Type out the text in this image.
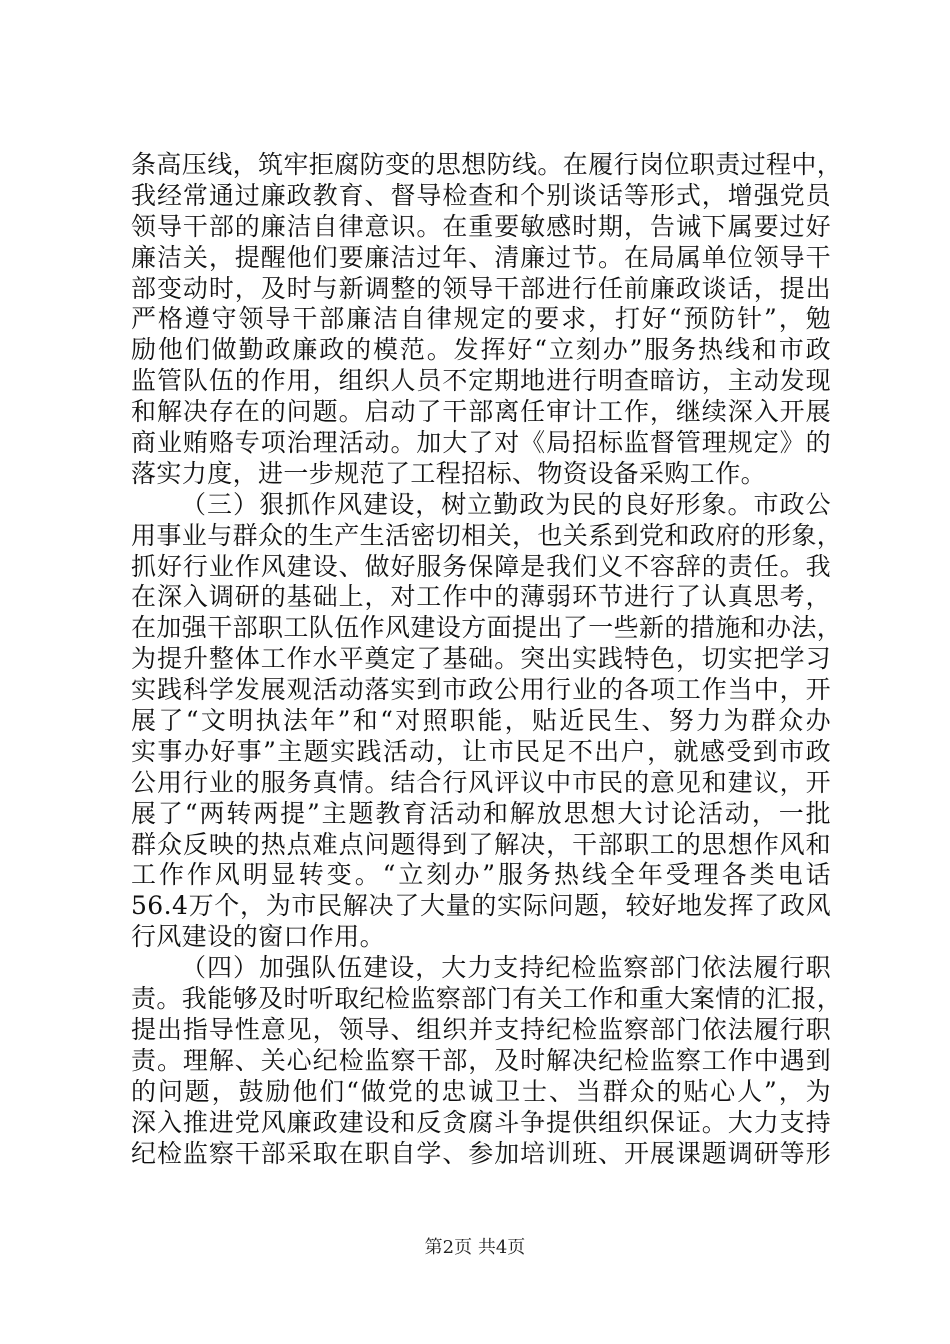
条高压线，筑牢拒腐防变的思想防线。在履行岗位职责过程中，
我经常通过廉政教育、督导检查和个别谈话等形式，增强党员
领导干部的廉洁自律意识。在重要敏感时期，告诫下属要过好
廉洁关，提醒他们要廉洁过年、清廉过节。在局属单位领导干
部变动时，及时与新调整的领导干部进行任前廉政谈话，提出
严格遵守领导干部廉洁自律规定的要求，打好“预防针”，勉
励他们做勤政廉政的模范。发挥好“立刻办”服务热线和市政
监管队伍的作用，组织人员不定期地进行明查暗访，主动发现
和解决存在的问题。启动了干部离任审计工作，继续深入开展
商业贿赂专项治理活动。加大了对《局招标监督管理规定》的
落实力度，进一步规范了工程招标、物资设备采购工作。
（三）狠抓作风建设，树立勤政为民的良好形象。市政公
用事业与群众的生产生活密切相关，也关系到党和政府的形象，
抓好行业作风建设、做好服务保障是我们义不容辞的责任。我
在深入调研的基础上，对工作中的薄弱环节进行了认真思考，
在加强干部职工队伍作风建设方面提出了一些新的措施和办法，
为提升整体工作水平奠定了基础。突出实践特色，切实把学习
实践科学发展观活动落实到市政公用行业的各项工作当中，开
展了“文明执法年”和“对照职能，贴近民生、努力为群众办
实事办好事”主题实践活动，让市民足不出户，就感受到市政
公用行业的服务真情。结合行风评议中市民的意见和建议，开
展了“两转两提”主题教育活动和解放思想大讨论活动，一批
群众反映的热点难点问题得到了解决，干部职工的思想作风和
工作作风明显转变。“立刻办”服务热线全年受理各类电话
56.4万个，为市民解决了大量的实际问题，较好地发挥了政风
行风建设的窗口作用。
（四）加强队伍建设，大力支持纪检监察部门依法履行职
责。我能够及时听取纪检监察部门有关工作和重大案情的汇报，
提出指导性意见，领导、组织并支持纪检监察部门依法履行职
责。理解、关心纪检监察干部，及时解决纪检监察工作中遇到
的问题，鼓励他们“做党的忠诚卫士、当群众的贴心人”，为
深入推进党风廉政建设和反贪腐斗争提供组织保证。大力支持
纪检监察干部采取在职自学、参加培训班、开展课题调研等形
第2页 共4页
